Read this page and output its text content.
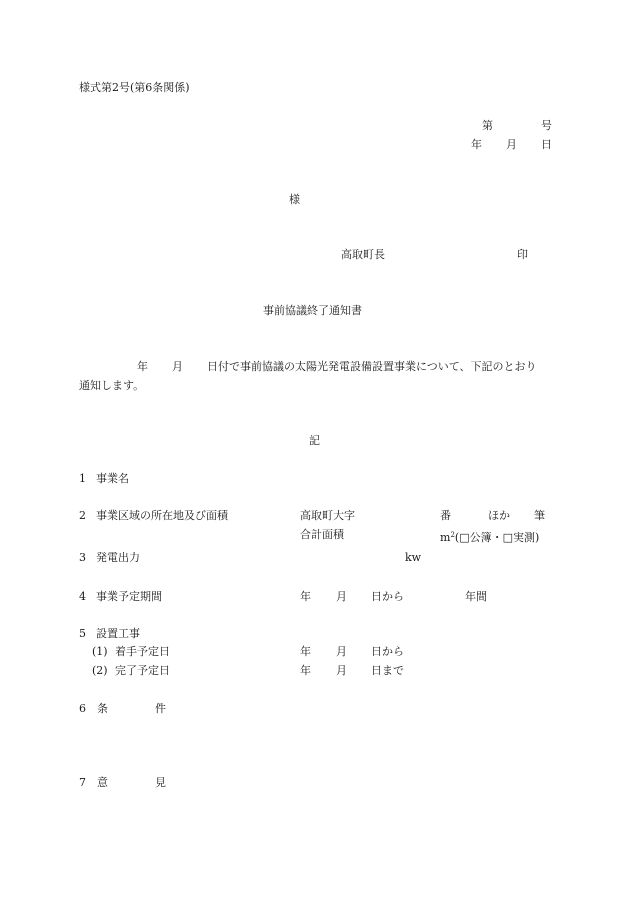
様式第2号(第6条関係)
第	号
年 月 日
様
高取町長	印
事前協議終了通知書
年 月 日付で事前協議の太陽光発電設備設置事業について、下記のとおり
通知します。
記
1 事業名
2 事業区域の所在地及び面積	高取町大字	番	ほか 筆
合計面積	$m^2(□$公簿・□実測)
3 発電出力	kw
4 事業予定期間	年 月 日から	年間
5 設置工事
(1) 着手予定日	年 月 日から
(2) 完了予定日	年 月 日まで
6 条	件
7 意	見
